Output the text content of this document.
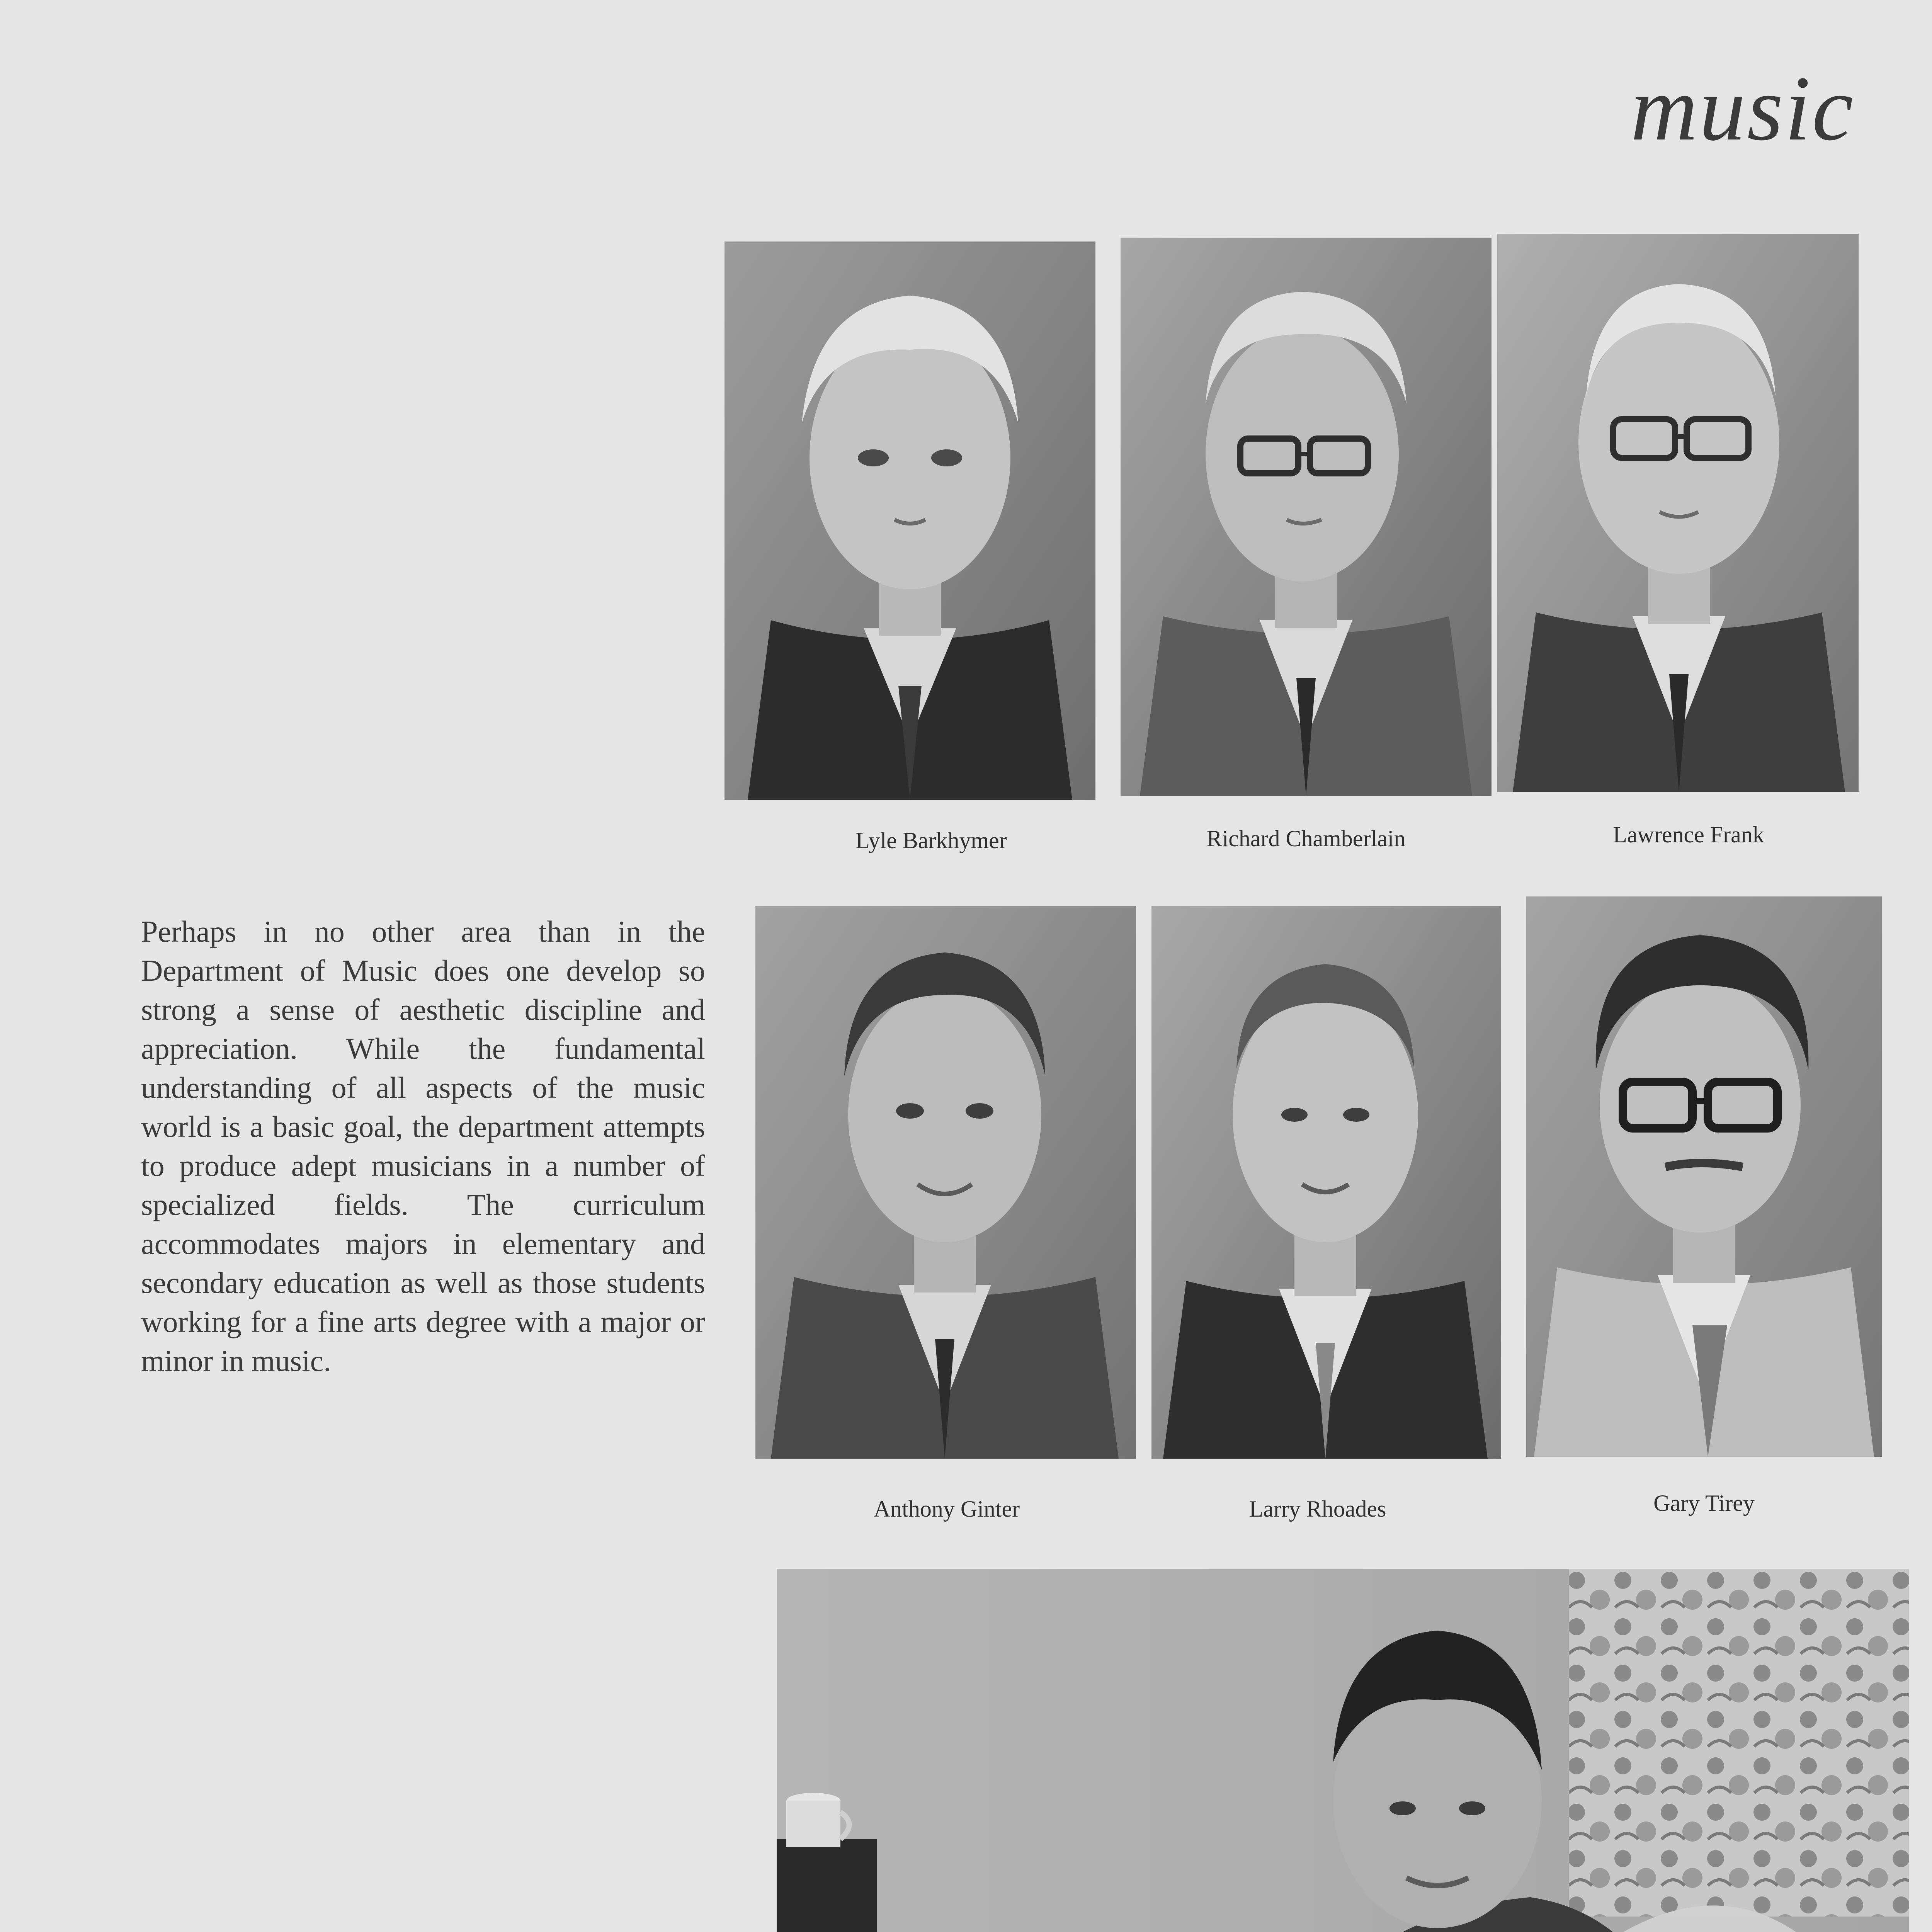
music
Lyle Barkhymer	Richard Chamberlain	Lawrence Frank
Perhaps in no other area than in the Department of Music does one develop so strong a sense of aesthetic discipline and appreciation. While the fundamental understanding of all aspects of the music world is a basic goal, the department attempts to produce adept musicians in a number of specialized fields. The curriculum accommodates majors in elementary and secondary education as well as those students working for a fine arts degree with a major or minor in music.
Anthony Ginter	Larry Rhoades	Gary Tirey
